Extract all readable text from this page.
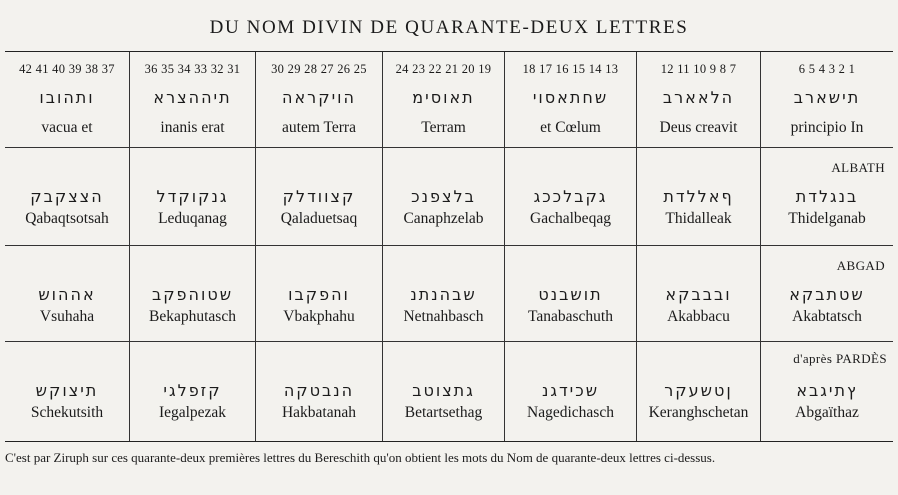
DU NOM DIVIN DE QUARANTE-DEUX LETTRES
42 41 40 39 38 37
ותהובו
vacua et
36 35 34 33 32 31
תיההצרא
inanis erat
30 29 28 27 26 25
הויקראה
autem Terra
24 23 22 21 20 19
תאוסימ
Terram
18 17 16 15 14 13
שחתאסוי
et Cœlum
12 11 10 9 8 7
הלאארב
Deus creavit
6 5 4 3 2 1
תישארב
principio In
הצצקבק
Qabaqtsotsah
גנקוקדל
Leduqanag
קצוודלק
Qaladuetsaq
בלצפנכ
Canaphzelab
גקבלככג
Gachalbeqag
ףאללדת
Thidalleak
ALBATH
בנגלדת
Thidelganab
אההוש
Vsuhaha
שטוהפקב
Bekaphutasch
והפקבו
Vbakphahu
שבהנתנ
Netnahbasch
תושבנט
Tanabaschuth
ובבבקא
Akabbacu
ABGAD
שטתבקא
Akabtatsch
תיצוקש
Schekutsith
קזפלגי
Iegalpezak
הנבטקה
Hakbatanah
גתצוטב
Betartsethag
שכידגנ
Nagedichasch
ןטשעקר
Keranghschetan
d'après PARDÈS
ץתיגבא
Abgaïthaz
C'est par Ziruph sur ces quarante-deux premières lettres du Bereschith qu'on obtient les mots du Nom de quarante-deux lettres ci-dessus.
